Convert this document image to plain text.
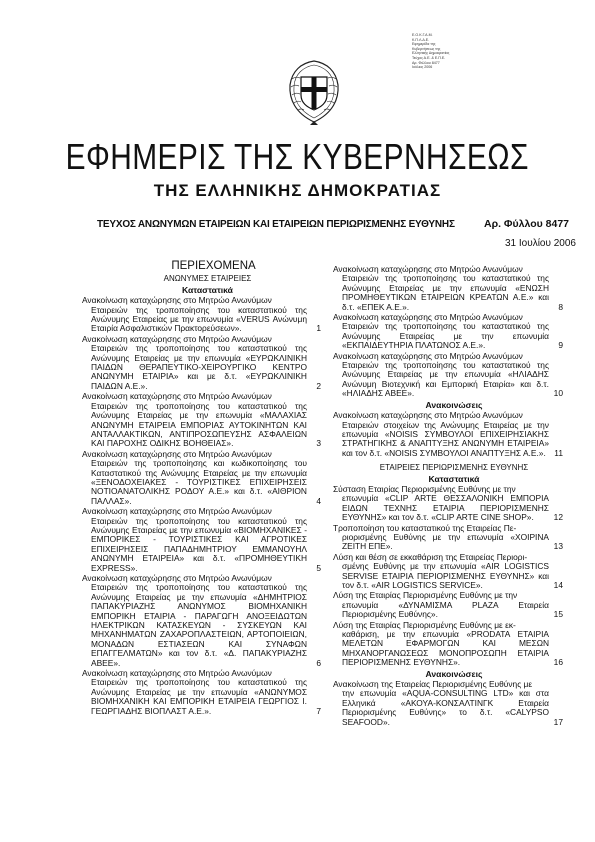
Ε.Ο.Κ.Γ.Α.Μ.
Κ.Π.Λ.Δ.Ε.
Εφημερίδα της
Κυβερνήσεως της
Ελληνικής Δημοκρατίας
Τεύχος Α.Ε. & Ε.Π.Ε.
Αρ. Φύλλου 8477
Ιούλιος 2006
ΕΦΗΜΕΡΙΣ ΤΗΣ ΚΥΒΕΡΝΗΣΕΩΣ
ΤΗΣ ΕΛΛΗΝΙΚΗΣ ΔΗΜΟΚΡΑΤΙΑΣ
ΤΕΥΧΟΣ ΑΝΩΝΥΜΩΝ ΕΤΑΙΡΕΙΩΝ ΚΑΙ ΕΤΑΙΡΕΙΩΝ ΠΕΡΙΩΡΙΣΜΕΝΗΣ ΕΥΘΥΝΗΣ	Αρ. Φύλλου 8477
31 Ιουλίου 2006
ΠΕΡΙΕΧΟΜΕΝΑ
ΑΝΩΝΥΜΕΣ ΕΤΑΙΡΕΙΕΣ
Καταστατικά
Ανακοίνωση καταχώρησης στο Μητρώο Ανωνύμων
Εταιρειών της τροποποίησης του καταστατικού της Ανώνυμης Εταιρείας με την επωνυμία «VERUS Ανώνυμη Εταιρία Ασφαλιστικών Πρακτορεύσεων».	1
Ανακοίνωση καταχώρησης στο Μητρώο Ανωνύμων
Εταιρειών της τροποποίησης του καταστατικού της Ανώνυμης Εταιρείας με την επωνυμία «ΕΥΡΩΚΛΙΝΙΚΗ ΠΑΙΔΩΝ ΘΕΡΑΠΕΥΤΙΚΟ-ΧΕΙΡΟΥΡΓΙΚΟ ΚΕΝΤΡΟ ΑΝΩΝΥΜΗ ΕΤΑΙΡΙΑ» και με δ.τ. «ΕΥΡΩΚΛΙΝΙΚΗ ΠΑΙΔΩΝ Α.Ε.».	2
Ανακοίνωση καταχώρησης στο Μητρώο Ανωνύμων
Εταιρειών της τροποποίησης του καταστατικού της Ανώνυμης Εταιρείας με την επωνυμία «ΜΑΛΑΧΙΑΣ ΑΝΩΝΥΜΗ ΕΤΑΙΡΕΙΑ ΕΜΠΟΡΙΑΣ ΑΥΤΟΚΙΝΗΤΩΝ ΚΑΙ ΑΝΤΑΛΛΑΚΤΙΚΩΝ, ΑΝΤΙΠΡΟΣΩΠΕΥΣΗΣ ΑΣΦΑΛΕΙΩΝ ΚΑΙ ΠΑΡΟΧΗΣ ΟΔΙΚΗΣ ΒΟΗΘΕΙΑΣ».	3
Ανακοίνωση καταχώρησης στο Μητρώο Ανωνύμων
Εταιρειών της τροποποίησης και κωδικοποίησης του Καταστατικού της Ανώνυμης Εταιρείας με την επωνυμία «ΞΕΝΟΔΟΧΕΙΑΚΕΣ - ΤΟΥΡΙΣΤΙΚΕΣ ΕΠΙΧΕΙΡΗΣΕΙΣ ΝΟΤΙΟΑΝΑΤΟΛΙΚΗΣ ΡΟΔΟΥ Α.Ε.» και δ.τ. «ΑΙΘΡΙΟΝ ΠΑΛΛΑΣ».	4
Ανακοίνωση καταχώρησης στο Μητρώο Ανωνύμων
Εταιρειών της τροποποίησης του καταστατικού της Ανώνυμης Εταιρείας με την επωνυμία «ΒΙΟΜΗΧΑΝΙΚΕΣ - ΕΜΠΟΡΙΚΕΣ - ΤΟΥΡΙΣΤΙΚΕΣ ΚΑΙ ΑΓΡΟΤΙΚΕΣ ΕΠΙΧΕΙΡΗΣΕΙΣ ΠΑΠΑΔΗΜΗΤΡΙΟΥ ΕΜΜΑΝΟΥΗΛ ΑΝΩΝΥΜΗ ΕΤΑΙΡΕΙΑ» και δ.τ. «ΠΡΟΜΗΘΕΥΤΙΚΗ EXPRESS».	5
Ανακοίνωση καταχώρησης στο Μητρώο Ανωνύμων
Εταιρειών της τροποποίησης του καταστατικού της Ανώνυμης Εταιρείας με την επωνυμία «ΔΗΜΗΤΡΙΟΣ ΠΑΠΑΚΥΡΙΑΖΗΣ ΑΝΩΝΥΜΟΣ ΒΙΟΜΗΧΑΝΙΚΗ ΕΜΠΟΡΙΚΗ ΕΤΑΙΡΙΑ - ΠΑΡΑΓΩΓΗ ΑΝΟΞΕΙΔΩΤΩΝ ΗΛΕΚΤΡΙΚΩΝ ΚΑΤΑΣΚΕΥΩΝ - ΣΥΣΚΕΥΩΝ ΚΑΙ ΜΗΧΑΝΗΜΑΤΩΝ ΖΑΧΑΡΟΠΛΑΣΤΕΙΩΝ, ΑΡΤΟΠΟΙΕΙΩΝ, ΜΟΝΑΔΩΝ ΕΣΤΙΑΣΕΩΝ ΚΑΙ ΣΥΝΑΦΩΝ ΕΠΑΓΓΕΛΜΑΤΩΝ» και τον δ.τ. «Δ. ΠΑΠΑΚΥΡΙΑΖΗΣ ΑΒΕΕ».	6
Ανακοίνωση καταχώρησης στο Μητρώο Ανωνύμων
Εταιρειών της τροποποίησης του καταστατικού της Ανώνυμης Εταιρείας με την επωνυμία «ΑΝΩΝΥΜΟΣ ΒΙΟΜΗΧΑΝΙΚΗ ΚΑΙ ΕΜΠΟΡΙΚΗ ΕΤΑΙΡΕΙΑ ΓΕΩΡΓΙΟΣ Ι. ΓΕΩΡΓΙΑΔΗΣ ΒΙΟΠΛΑΣΤ Α.Ε.».	7
Ανακοίνωση καταχώρησης στο Μητρώο Ανωνύμων
Εταιρειών της τροποποίησης του καταστατικού της Ανώνυμης Εταιρείας με την επωνυμία «ΕΝΩΣΗ ΠΡΟΜΗΘΕΥΤΙΚΩΝ ΕΤΑΙΡΕΙΩΝ ΚΡΕΑΤΩΝ Α.Ε.» και δ.τ. «ΕΠΕΚ Α.Ε.».	8
Ανακοίνωση καταχώρησης στο Μητρώο Ανωνύμων
Εταιρειών της τροποποίησης του καταστατικού της Ανώνυμης Εταιρείας με την επωνυμία «ΕΚΠΑΙΔΕΥΤΗΡΙΑ ΠΛΑΤΩΝΟΣ Α.Ε.».	9
Ανακοίνωση καταχώρησης στο Μητρώο Ανωνύμων
Εταιρειών της τροποποίησης του καταστατικού της Ανώνυμης Εταιρείας με την επωνυμία «ΗΛΙΑΔΗΣ Ανώνυμη Βιοτεχνική και Εμπορική Εταιρία» και δ.τ. «ΗΛΙΑΔΗΣ ΑΒΕΕ».	10
Ανακοινώσεις
Ανακοίνωση καταχώρησης στο Μητρώο Ανωνύμων
Εταιρειών στοιχείων της Ανώνυμης Εταιρείας με την επωνυμία «NOISIS ΣΥΜΒΟΥΛΟΙ ΕΠΙΧΕΙΡΗΣΙΑΚΗΣ ΣΤΡΑΤΗΓΙΚΗΣ & ΑΝΑΠΤΥΞΗΣ ΑΝΩΝΥΜΗ ΕΤΑΙΡΕΙΑ» και τον δ.τ. «NOISIS ΣΥΜΒΟΥΛΟΙ ΑΝΑΠΤΥΞΗΣ Α.Ε.».	11
ΕΤΑΙΡΕΙΕΣ ΠΕΡΙΩΡΙΣΜΕΝΗΣ ΕΥΘΥΝΗΣ
Καταστατικά
Σύσταση Εταιρίας Περιορισμένης Ευθύνης με την
επωνυμία «CLIP ARTE ΘΕΣΣΑΛΟΝΙΚΗ ΕΜΠΟΡΙΑ ΕΙΔΩΝ ΤΕΧΝΗΣ ΕΤΑΙΡΙΑ ΠΕΡΙΟΡΙΣΜΕΝΗΣ ΕΥΘΥΝΗΣ» και τον δ.τ. «CLIP ARTE CINE SHOP».	12
Τροποποίηση του καταστατικού της Εταιρείας Πε-
ριορισμένης Ευθύνης με την επωνυμία «ΧΟΙΡΙΝΑ ΖΕΙΤΗ ΕΠΕ».	13
Λύση και θέση σε εκκαθάριση της Εταιρείας Περιορι-
σμένης Ευθύνης με την επωνυμία «AIR LOGISTICS SERVISE ΕΤΑΙΡΙΑ ΠΕΡΙΟΡΙΣΜΕΝΗΣ ΕΥΘΥΝΗΣ» και τον δ.τ. «AIR LOGISTICS SERVICE».	14
Λύση της Εταιρίας Περιορισμένης Ευθύνης με την
επωνυμία «ΔΥΝΑΜΙΣΜΑ PLAZA Εταιρεία Περιορισμένης Ευθύνης».	15
Λύση της Εταιρίας Περιορισμένης Ευθύνης με εκ-
καθάριση, με την επωνυμία «PRODATA ΕΤΑΙΡΙΑ ΜΕΛΕΤΩΝ ΕΦΑΡΜΟΓΩΝ ΚΑΙ ΜΕΣΩΝ ΜΗΧΑΝΟΡΓΑΝΩΣΕΩΣ ΜΟΝΟΠΡΟΣΩΠΗ ΕΤΑΙΡΙΑ ΠΕΡΙΟΡΙΣΜΕΝΗΣ ΕΥΘΥΝΗΣ».	16
Ανακοινώσεις
Ανακοίνωση της Εταιρείας Περιορισμένης Ευθύνης με
την επωνυμία «AQUA-CONSULTING LTD» και στα Ελληνικά «ΑΚΟΥΑ-ΚΟΝΣΑΛΤΙΝΓΚ Εταιρεία Περιορισμένης Ευθύνης» το δ.τ. «CALYPSO SEAFOOD».	17
